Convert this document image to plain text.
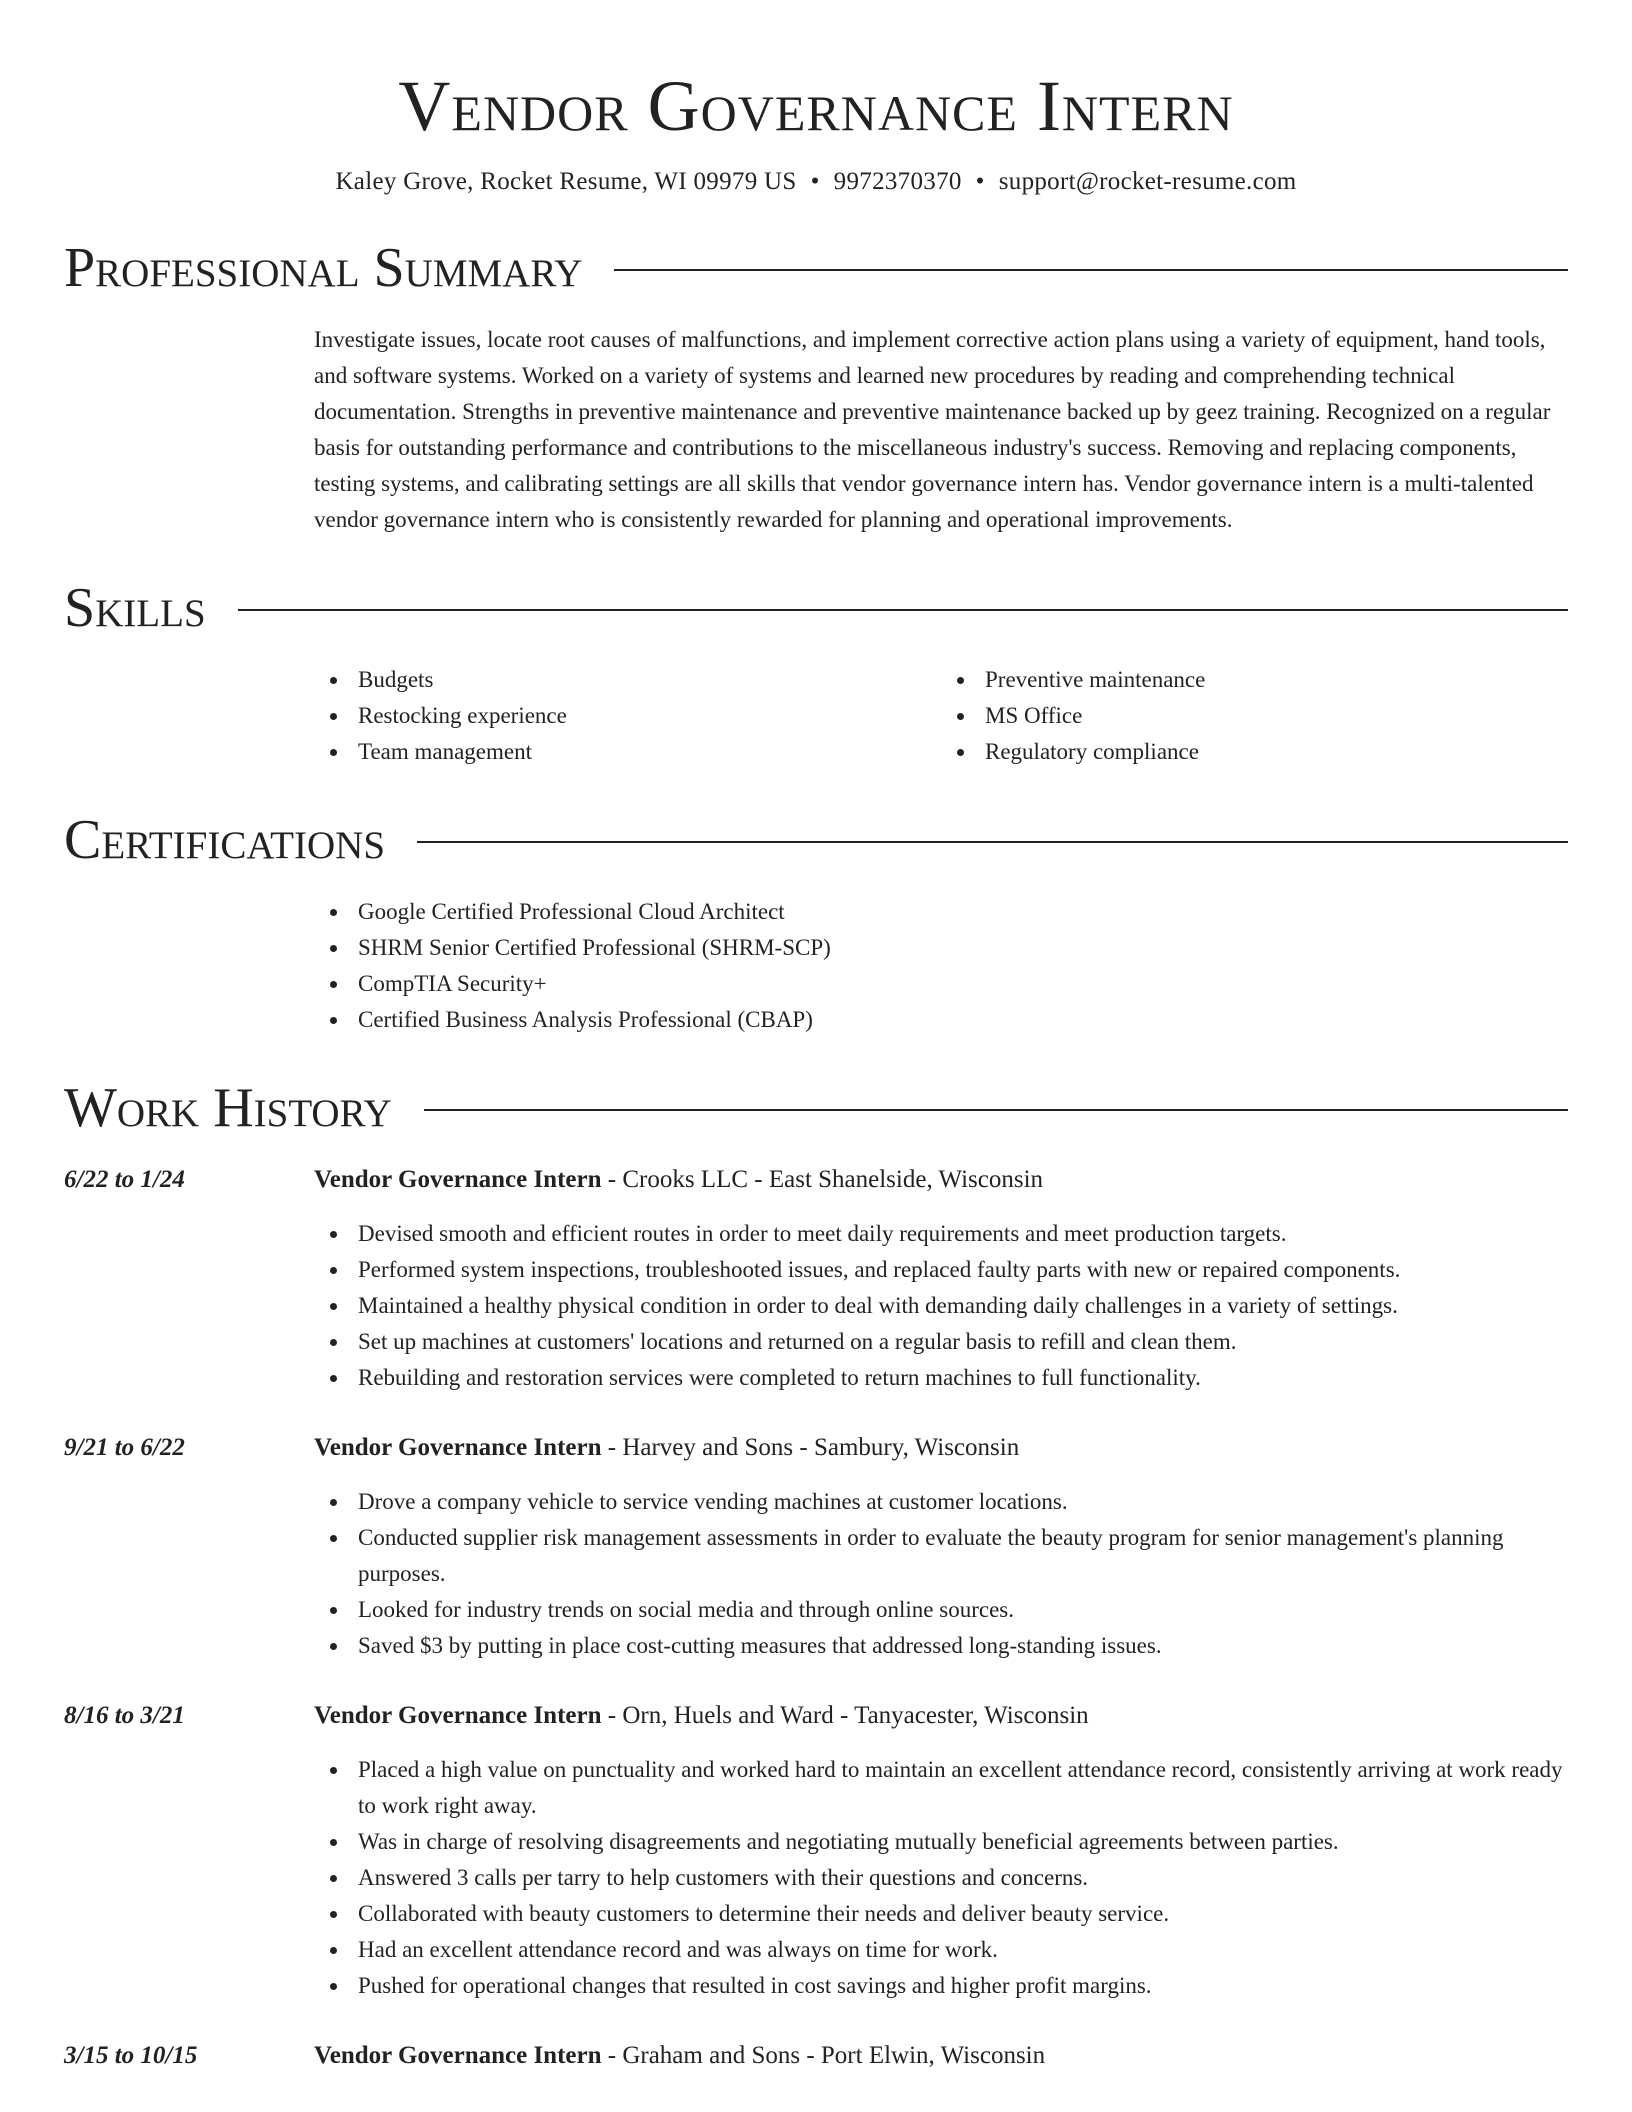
Vendor Governance Intern
Kaley Grove, Rocket Resume, WI 09979 US • 9972370370 • support@rocket-resume.com
Professional Summary
Investigate issues, locate root causes of malfunctions, and implement corrective action plans using a variety of equipment, hand tools, and software systems. Worked on a variety of systems and learned new procedures by reading and comprehending technical documentation. Strengths in preventive maintenance and preventive maintenance backed up by geez training. Recognized on a regular basis for outstanding performance and contributions to the miscellaneous industry's success. Removing and replacing components, testing systems, and calibrating settings are all skills that vendor governance intern has. Vendor governance intern is a multi-talented vendor governance intern who is consistently rewarded for planning and operational improvements.
Skills
Budgets
Restocking experience
Team management
Preventive maintenance
MS Office
Regulatory compliance
Certifications
Google Certified Professional Cloud Architect
SHRM Senior Certified Professional (SHRM-SCP)
CompTIA Security+
Certified Business Analysis Professional (CBAP)
Work History
6/22 to 1/24	Vendor Governance Intern - Crooks LLC - East Shanelside, Wisconsin
Devised smooth and efficient routes in order to meet daily requirements and meet production targets.
Performed system inspections, troubleshooted issues, and replaced faulty parts with new or repaired components.
Maintained a healthy physical condition in order to deal with demanding daily challenges in a variety of settings.
Set up machines at customers' locations and returned on a regular basis to refill and clean them.
Rebuilding and restoration services were completed to return machines to full functionality.
9/21 to 6/22	Vendor Governance Intern - Harvey and Sons - Sambury, Wisconsin
Drove a company vehicle to service vending machines at customer locations.
Conducted supplier risk management assessments in order to evaluate the beauty program for senior management's planning purposes.
Looked for industry trends on social media and through online sources.
Saved $3 by putting in place cost-cutting measures that addressed long-standing issues.
8/16 to 3/21	Vendor Governance Intern - Orn, Huels and Ward - Tanyacester, Wisconsin
Placed a high value on punctuality and worked hard to maintain an excellent attendance record, consistently arriving at work ready to work right away.
Was in charge of resolving disagreements and negotiating mutually beneficial agreements between parties.
Answered 3 calls per tarry to help customers with their questions and concerns.
Collaborated with beauty customers to determine their needs and deliver beauty service.
Had an excellent attendance record and was always on time for work.
Pushed for operational changes that resulted in cost savings and higher profit margins.
3/15 to 10/15	Vendor Governance Intern - Graham and Sons - Port Elwin, Wisconsin
